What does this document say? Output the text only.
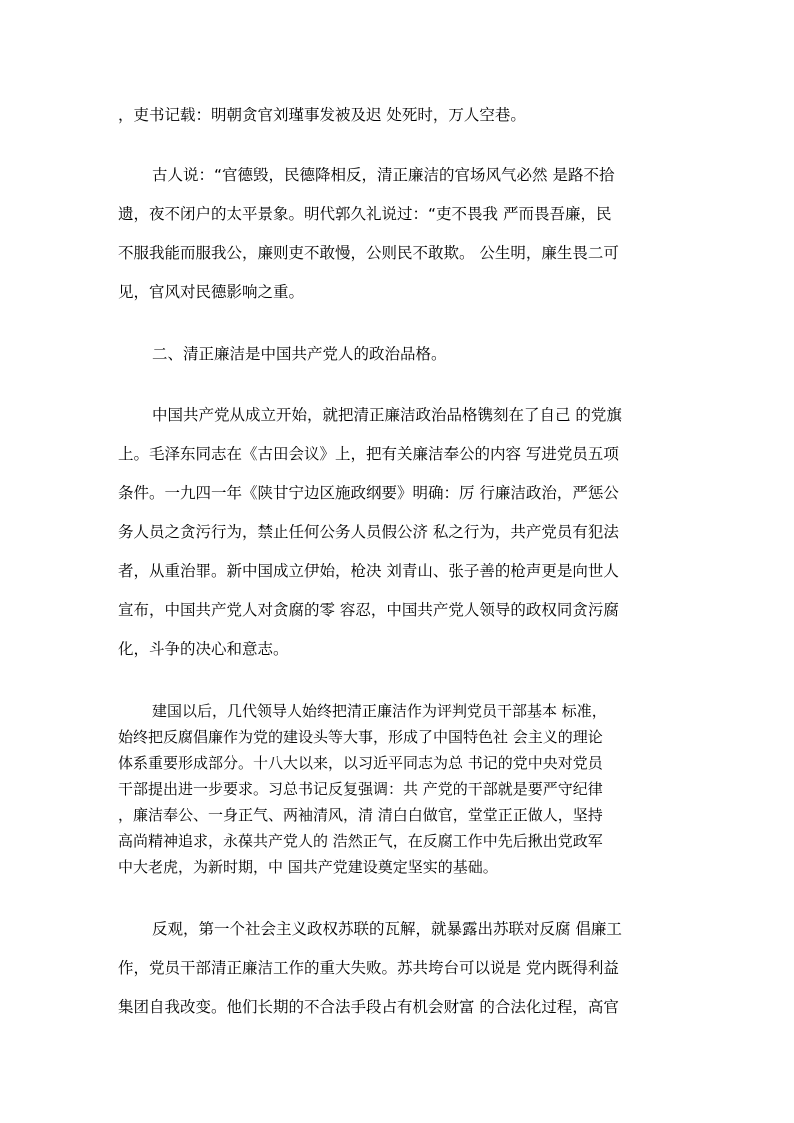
，吏书记载：明朝贪官刘瑾事发被及迟 处死时，万人空巷。
古人说：“官德毁，民德降相反，清正廉洁的官场风气必然 是路不拾
遗，夜不闭户的太平景象。明代郭久礼说过：“吏不畏我 严而畏吾廉，民
不服我能而服我公，廉则吏不敢慢，公则民不敢欺。 公生明，廉生畏二可
见，官风对民德影响之重。
二、清正廉洁是中国共产党人的政治品格。
中国共产党从成立开始，就把清正廉洁政治品格镌刻在了自己 的党旗
上。毛泽东同志在《古田会议》上，把有关廉洁奉公的内容 写进党员五项
条件。一九四一年《陕甘宁边区施政纲要》明确：厉 行廉洁政治，严惩公
务人员之贪污行为，禁止任何公务人员假公济 私之行为，共产党员有犯法
者，从重治罪。新中国成立伊始，枪决 刘青山、张子善的枪声更是向世人
宣布，中国共产党人对贪腐的零 容忍，中国共产党人领导的政权同贪污腐
化，斗争的决心和意志。
建国以后，几代领导人始终把清正廉洁作为评判党员干部基本 标准，
始终把反腐倡廉作为党的建设头等大事，形成了中国特色社 会主义的理论
体系重要形成部分。十八大以来，以习近平同志为总 书记的党中央对党员
干部提出进一步要求。习总书记反复强调：共 产党的干部就是要严守纪律
，廉洁奉公、一身正气、两袖清风，清 清白白做官，堂堂正正做人，坚持
高尚精神追求，永葆共产党人的 浩然正气，在反腐工作中先后揪出党政军
中大老虎，为新时期，中 国共产党建设奠定坚实的基础。
反观，第一个社会主义政权苏联的瓦解，就暴露出苏联对反腐 倡廉工
作，党员干部清正廉洁工作的重大失败。苏共垮台可以说是 党内既得利益
集团自我改变。他们长期的不合法手段占有机会财富 的合法化过程，高官
